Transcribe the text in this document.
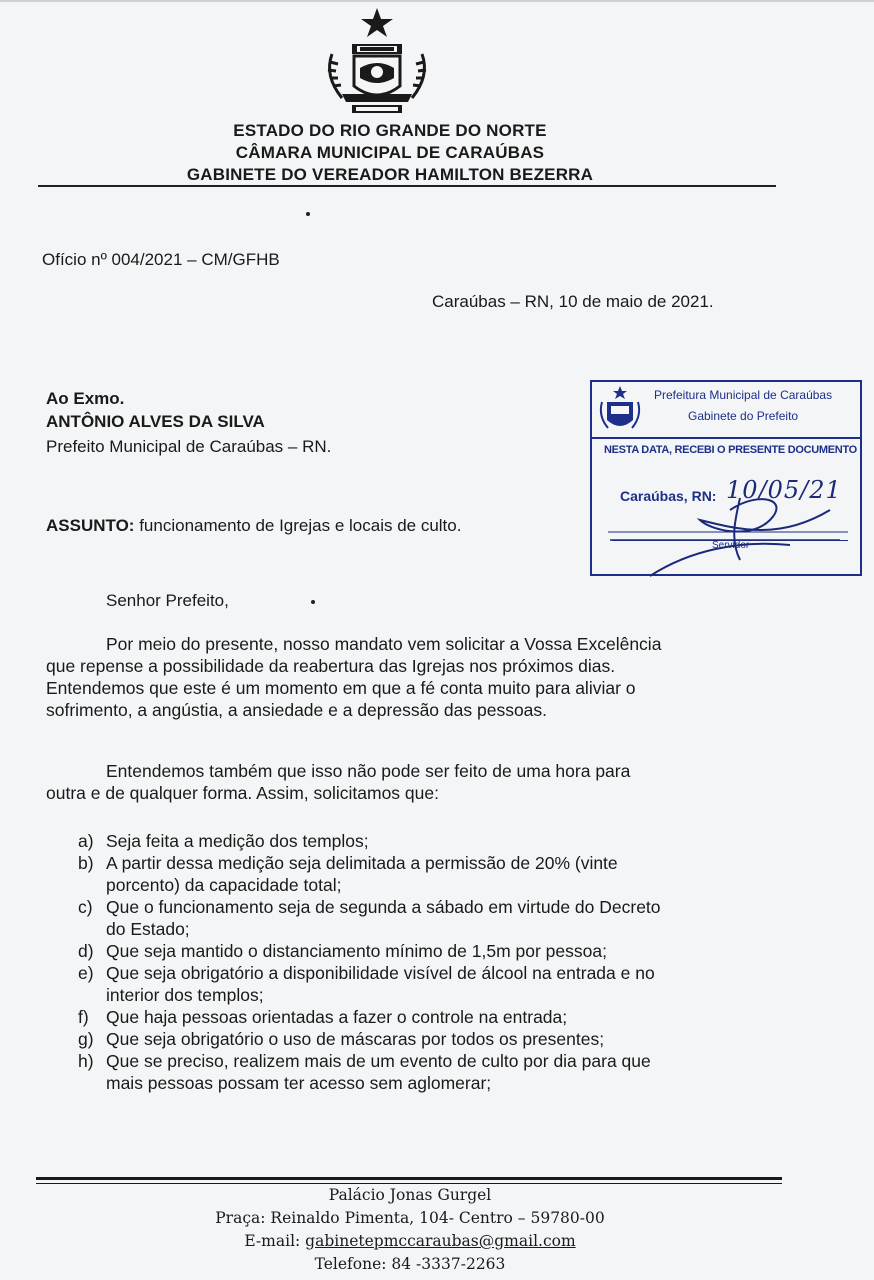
ESTADO DO RIO GRANDE DO NORTE
CÂMARA MUNICIPAL DE CARAÚBAS
GABINETE DO VEREADOR HAMILTON BEZERRA
Ofício nº 004/2021 – CM/GFHB
Caraúbas – RN, 10 de maio de 2021.
Ao Exmo.
ANTÔNIO ALVES DA SILVA
Prefeito Municipal de Caraúbas – RN.
ASSUNTO: funcionamento de Igrejas e locais de culto.
Senhor Prefeito,
Por meio do presente, nosso mandato vem solicitar a Vossa Excelência
que repense a possibilidade da reabertura das Igrejas nos próximos dias.
Entendemos que este é um momento em que a fé conta muito para aliviar o
sofrimento, a angústia, a ansiedade e a depressão das pessoas.
Entendemos também que isso não pode ser feito de uma hora para
outra e de qualquer forma. Assim, solicitamos que:
a) Seja feita a medição dos templos;
b) A partir dessa medição seja delimitada a permissão de 20% (vinte
porcento) da capacidade total;
c) Que o funcionamento seja de segunda a sábado em virtude do Decreto
do Estado;
d) Que seja mantido o distanciamento mínimo de 1,5m por pessoa;
e) Que seja obrigatório a disponibilidade visível de álcool na entrada e no
interior dos templos;
f) Que haja pessoas orientadas a fazer o controle na entrada;
g) Que seja obrigatório o uso de máscaras por todos os presentes;
h) Que se preciso, realizem mais de um evento de culto por dia para que
mais pessoas possam ter acesso sem aglomerar;
Prefeitura Municipal de Caraúbas
Gabinete do Prefeito
NESTA DATA, RECEBI O PRESENTE DOCUMENTO
Caraúbas, RN: 10/05/21
Servidor
Palácio Jonas Gurgel
Praça: Reinaldo Pimenta, 104- Centro – 59780-00
E-mail: gabinetepmccaraubas@gmail.com
Telefone: 84 -3337-2263
